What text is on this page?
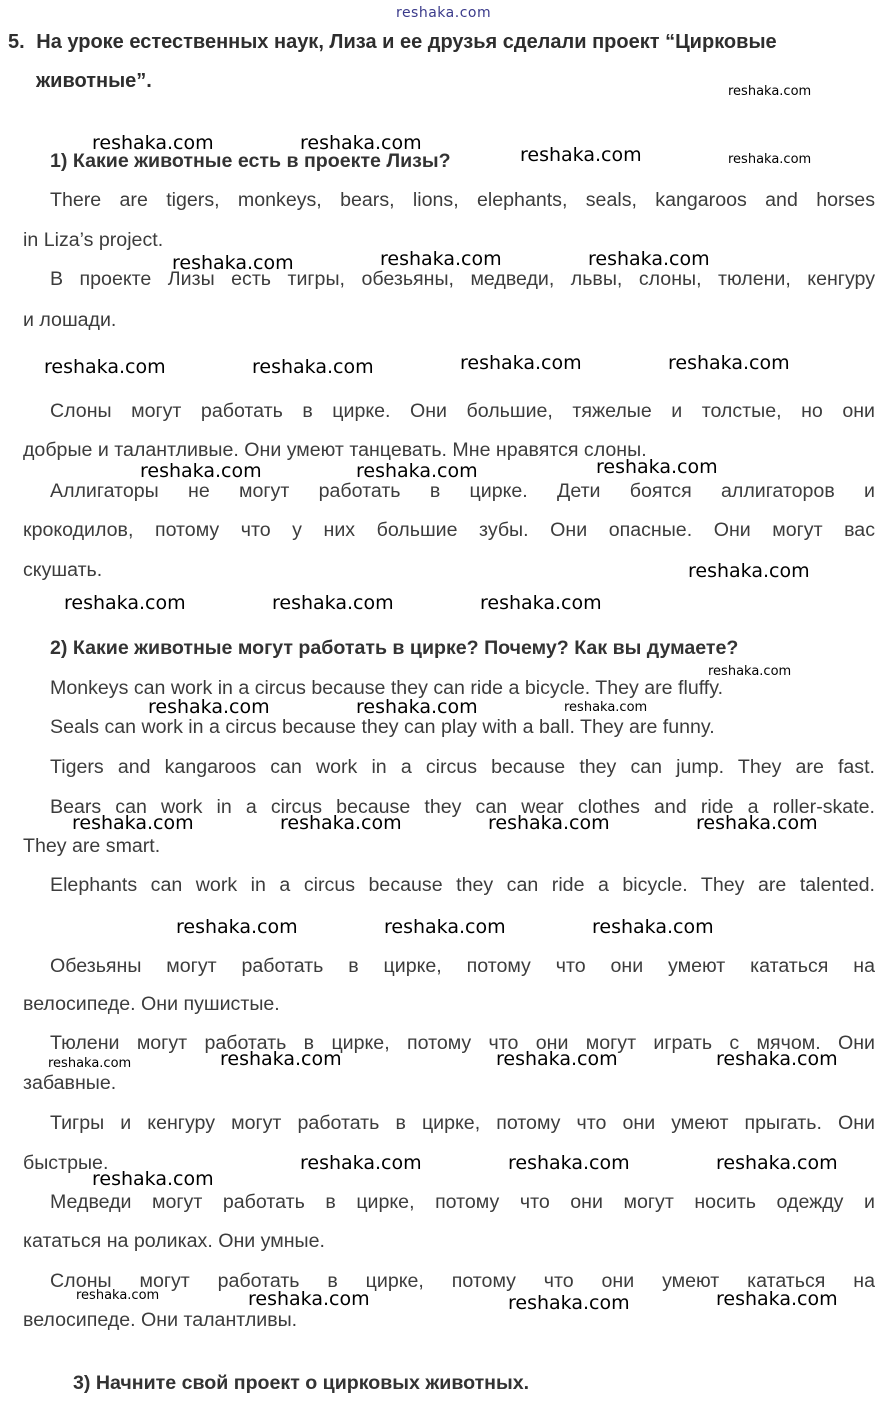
5. На уроке естественных наук, Лиза и ее друзья сделали проект “Цирковые
животные”.
1) Какие животные есть в проекте Лизы?
There are tigers, monkeys, bears, lions, elephants, seals, kangaroos and horses
in Liza’s project.
В проекте Лизы есть тигры, обезьяны, медведи, львы, слоны, тюлени, кенгуру
и лошади.
Слоны могут работать в цирке. Они большие, тяжелые и толстые, но они
добрые и талантливые. Они умеют танцевать. Мне нравятся слоны.
Аллигаторы не могут работать в цирке. Дети боятся аллигаторов и
крокодилов, потому что у них большие зубы. Они опасные. Они могут вас
скушать.
2) Какие животные могут работать в цирке? Почему? Как вы думаете?
Monkeys can work in a circus because they can ride a bicycle. They are fluffy.
Seals can work in a circus because they can play with a ball. They are funny.
Tigers and kangaroos can work in a circus because they can jump. They are fast.
Bears can work in a circus because they can wear clothes and ride a roller-skate.
They are smart.
Elephants can work in a circus because they can ride a bicycle. They are talented.
Обезьяны могут работать в цирке, потому что они умеют кататься на
велосипеде. Они пушистые.
Тюлени могут работать в цирке, потому что они могут играть с мячом. Они
забавные.
Тигры и кенгуру могут работать в цирке, потому что они умеют прыгать. Они
быстрые.
Медведи могут работать в цирке, потому что они могут носить одежду и
кататься на роликах. Они умные.
Слоны могут работать в цирке, потому что они умеют кататься на
велосипеде. Они талантливы.
3) Начните свой проект о цирковых животных.
reshaka.com
reshaka.com
reshaka.com	reshaka.com
reshaka.com	reshaka.com
reshaka.com	reshaka.com	reshaka.com
reshaka.com	reshaka.com	reshaka.com	reshaka.com
reshaka.com	reshaka.com	reshaka.com
reshaka.com
reshaka.com	reshaka.com	reshaka.com
reshaka.com
reshaka.com	reshaka.com	reshaka.com
reshaka.com	reshaka.com	reshaka.com	reshaka.com
reshaka.com	reshaka.com	reshaka.com
reshaka.com	reshaka.com	reshaka.com	reshaka.com
reshaka.com	reshaka.com	reshaka.com
reshaka.com
reshaka.com	reshaka.com	reshaka.com	reshaka.com
